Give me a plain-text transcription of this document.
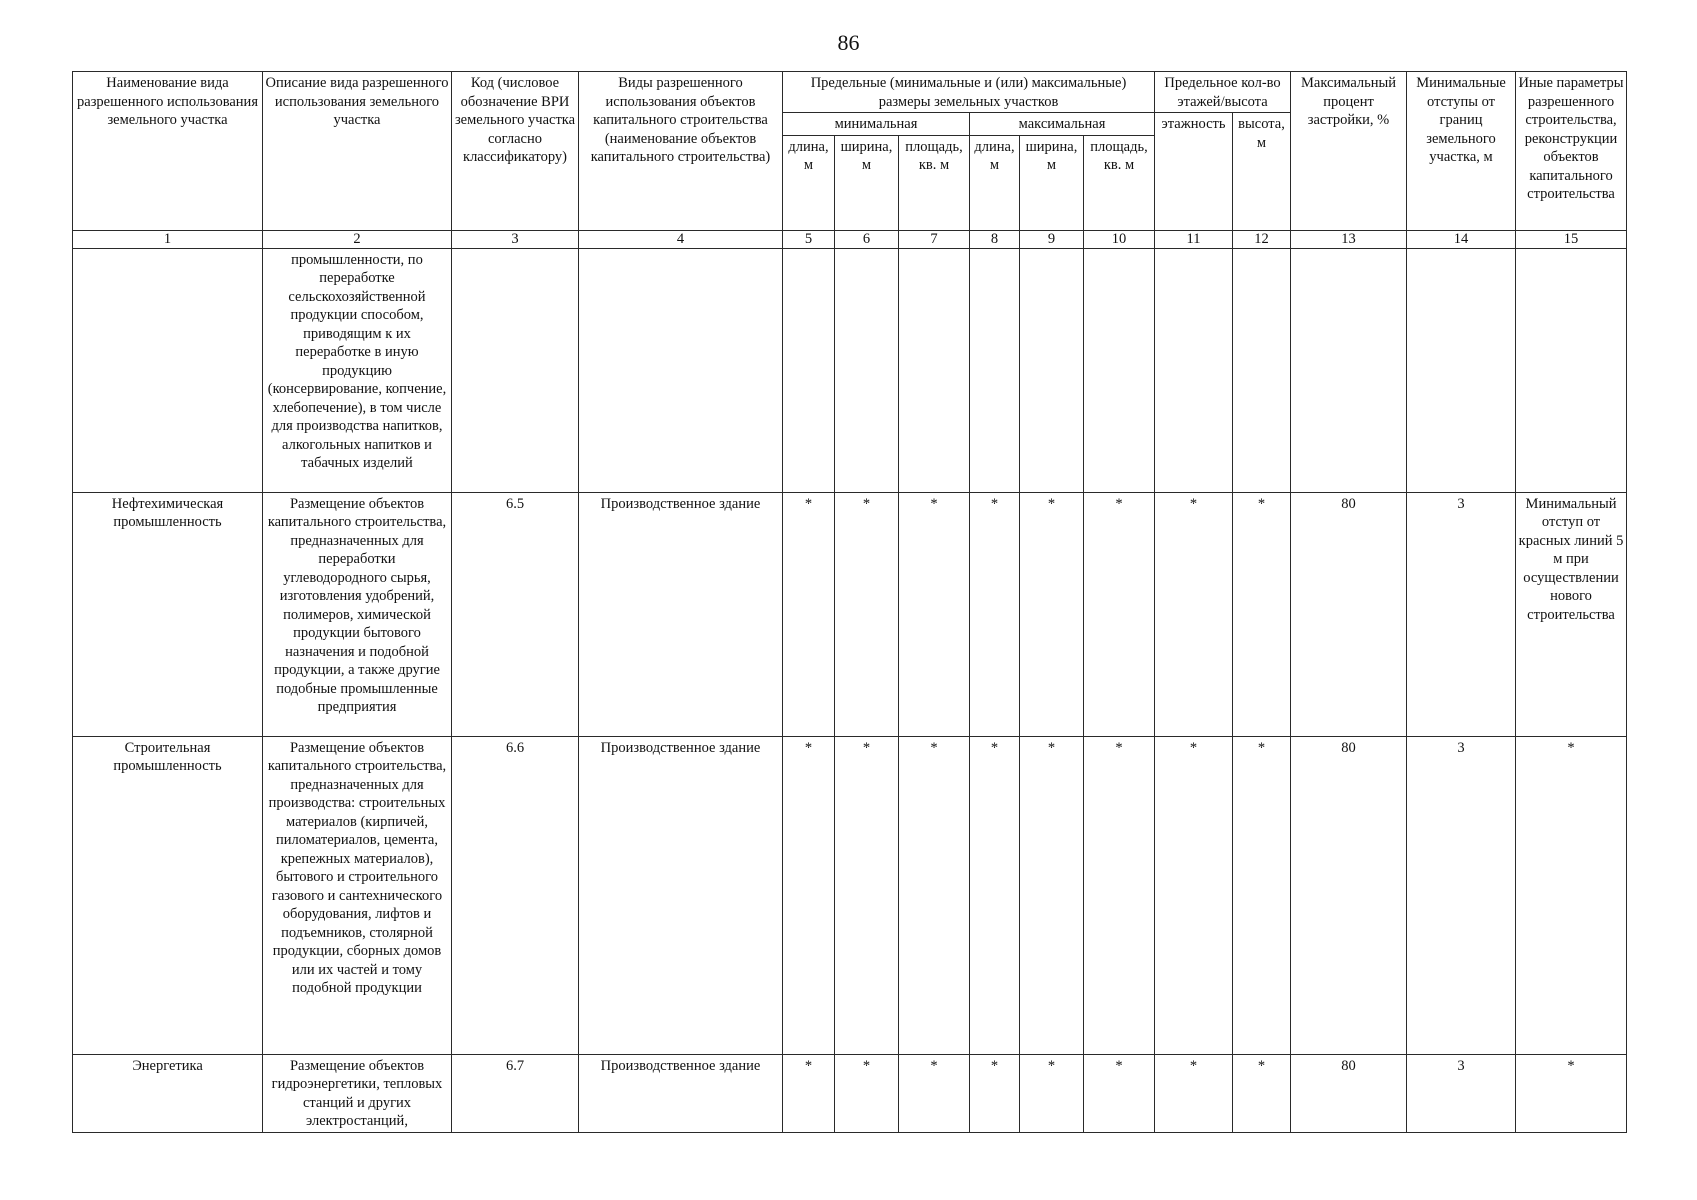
86
Наименование вида разрешенного использования земельного участка	Описание вида разрешенного использования земельного участка	Код (числовое обозначение ВРИ земельного участка согласно классификатору)	Виды разрешенного использования объектов капитального строительства (наименование объектов капитального строительства)	Предельные (минимальные и (или) максимальные) размеры земельных участков						Предельное кол-во этажей/высота		Максимальный процент застройки, %	Минимальные отступы от границ земельного участка, м	Иные параметры разрешенного строительства, реконструкции объектов капитального строительства
				минимальная			максимальная			этажность	высота, м			
				длина, м	ширина, м	площадь, кв. м	длина, м	ширина, м	площадь, кв. м					
1	2	3	4	5	6	7	8	9	10	11	12	13	14	15
	промышленности, по переработке сельскохозяйственной продукции способом, приводящим к их переработке в иную продукцию (консервирование, копчение, хлебопечение), в том числе для производства напитков, алкогольных напитков и табачных изделий													
Нефтехимическая промышленность	Размещение объектов капитального строительства, предназначенных для переработки углеводородного сырья, изготовления удобрений, полимеров, химической продукции бытового назначения и подобной продукции, а также другие подобные промышленные предприятия	6.5	Производственное здание	*	*	*	*	*	*	*	*	80	3	Минимальный отступ от красных линий 5 м при осуществлении нового строительства
Строительная промышленность	Размещение объектов капитального строительства, предназначенных для производства: строительных материалов (кирпичей, пиломатериалов, цемента, крепежных материалов), бытового и строительного газового и сантехнического оборудования, лифтов и подъемников, столярной продукции, сборных домов или их частей и тому подобной продукции	6.6	Производственное здание	*	*	*	*	*	*	*	*	80	3	*
Энергетика	Размещение объектов гидроэнергетики, тепловых станций и других электростанций,	6.7	Производственное здание	*	*	*	*	*	*	*	*	80	3	*
